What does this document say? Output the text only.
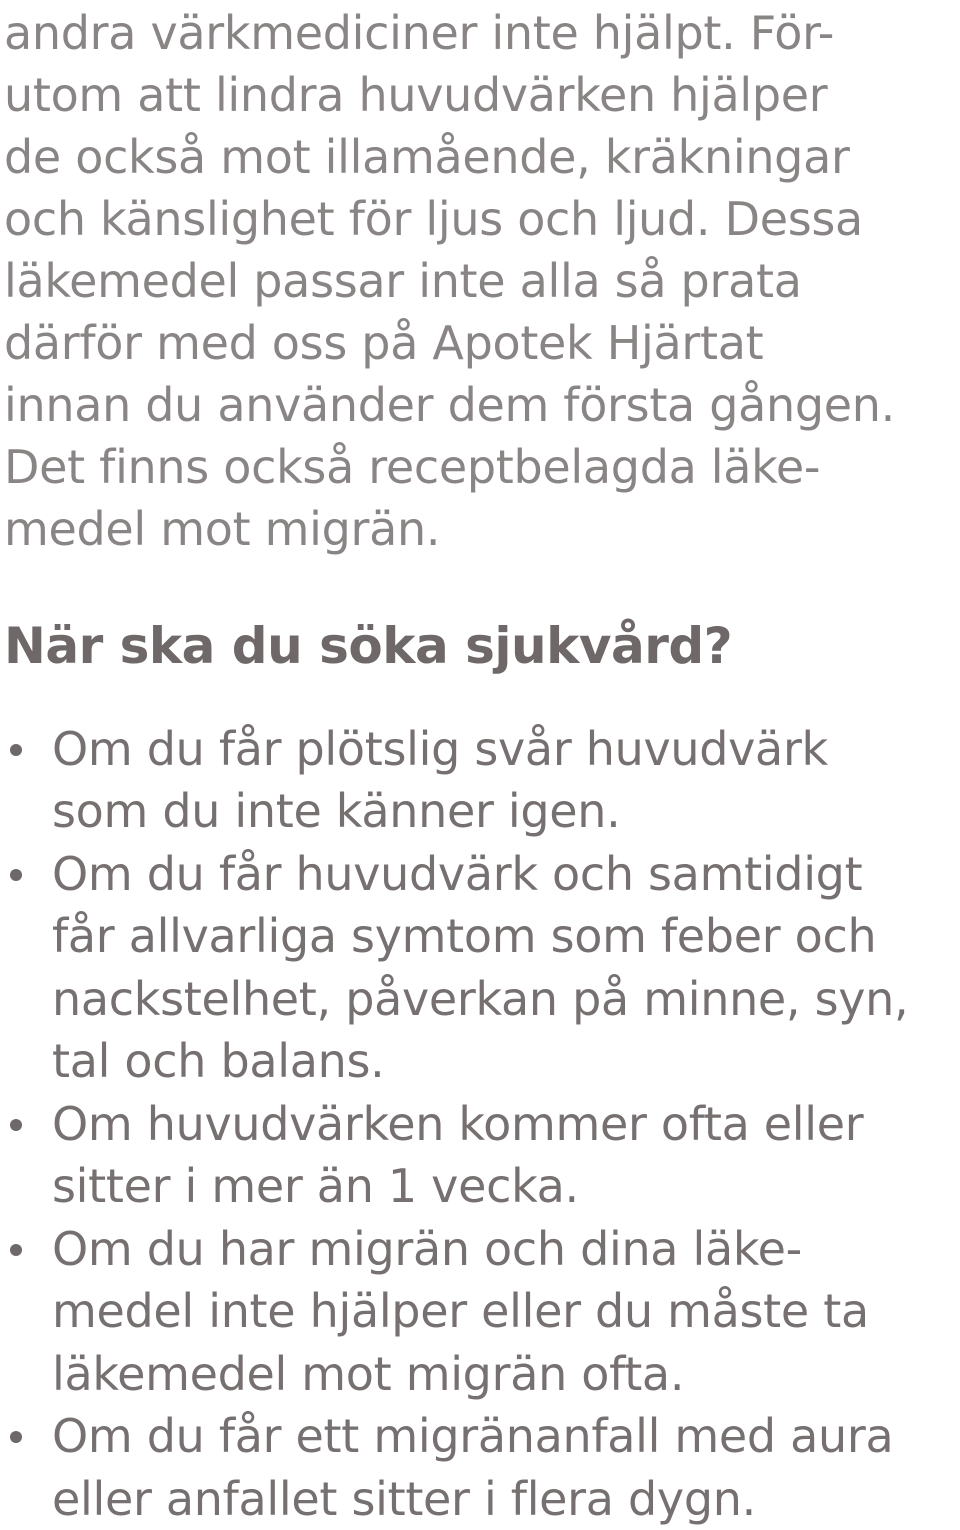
andra värkmediciner inte hjälpt. För-
utom att lindra huvudvärken hjälper
de också mot illamående, kräkningar
och känslighet för ljus och ljud. Dessa
läkemedel passar inte alla så prata
därför med oss på Apotek Hjärtat
innan du använder dem första gången.
Det finns också receptbelagda läke-
medel mot migrän.
När ska du söka sjukvård?
Om du får plötslig svår huvudvärk
som du inte känner igen.
Om du får huvudvärk och samtidigt
får allvarliga symtom som feber och
nackstelhet, påverkan på minne, syn,
tal och balans.
Om huvudvärken kommer ofta eller
sitter i mer än 1 vecka.
Om du har migrän och dina läke-
medel inte hjälper eller du måste ta
läkemedel mot migrän ofta.
Om du får ett migränanfall med aura
eller anfallet sitter i flera dygn.
